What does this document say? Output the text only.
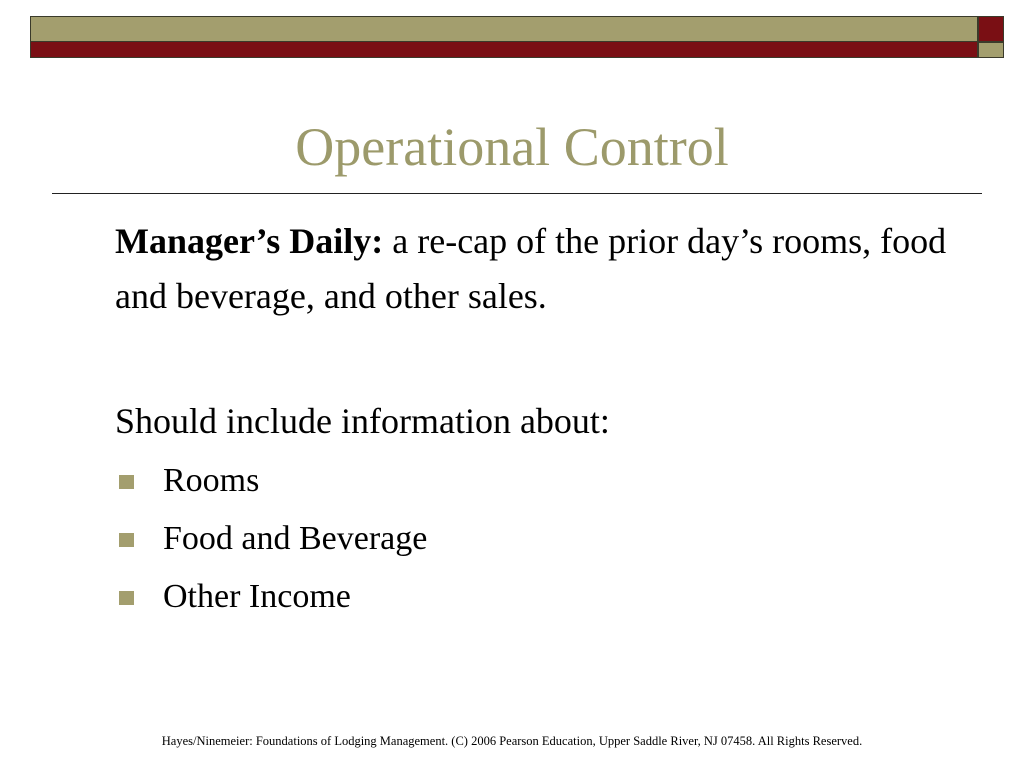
Operational Control

Manager’s Daily: a re-cap of the prior day’s rooms, food and beverage, and other sales.

Should include information about:

Rooms
Food and Beverage
Other Income
Hayes/Ninemeier: Foundations of Lodging Management. (C) 2006 Pearson Education, Upper Saddle River, NJ 07458. All Rights Reserved.
